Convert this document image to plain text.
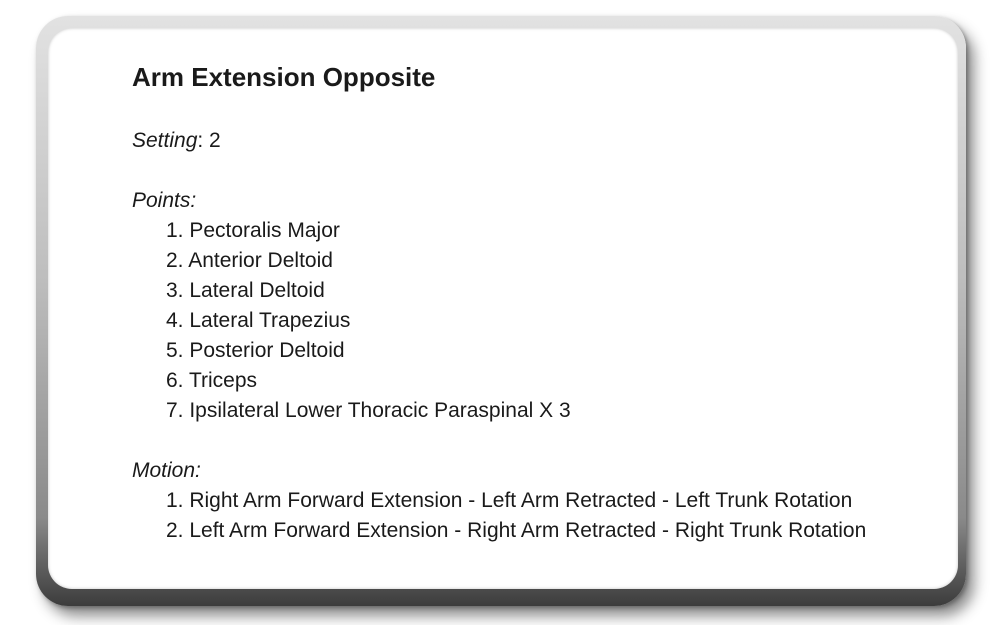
Arm Extension Opposite
Setting: 2
Points:
1. Pectoralis Major
2. Anterior Deltoid
3. Lateral Deltoid
4. Lateral Trapezius
5. Posterior Deltoid
6. Triceps
7. Ipsilateral Lower Thoracic Paraspinal X 3
Motion:
1. Right Arm Forward Extension - Left Arm Retracted - Left Trunk Rotation
2. Left Arm Forward Extension - Right Arm Retracted - Right Trunk Rotation
